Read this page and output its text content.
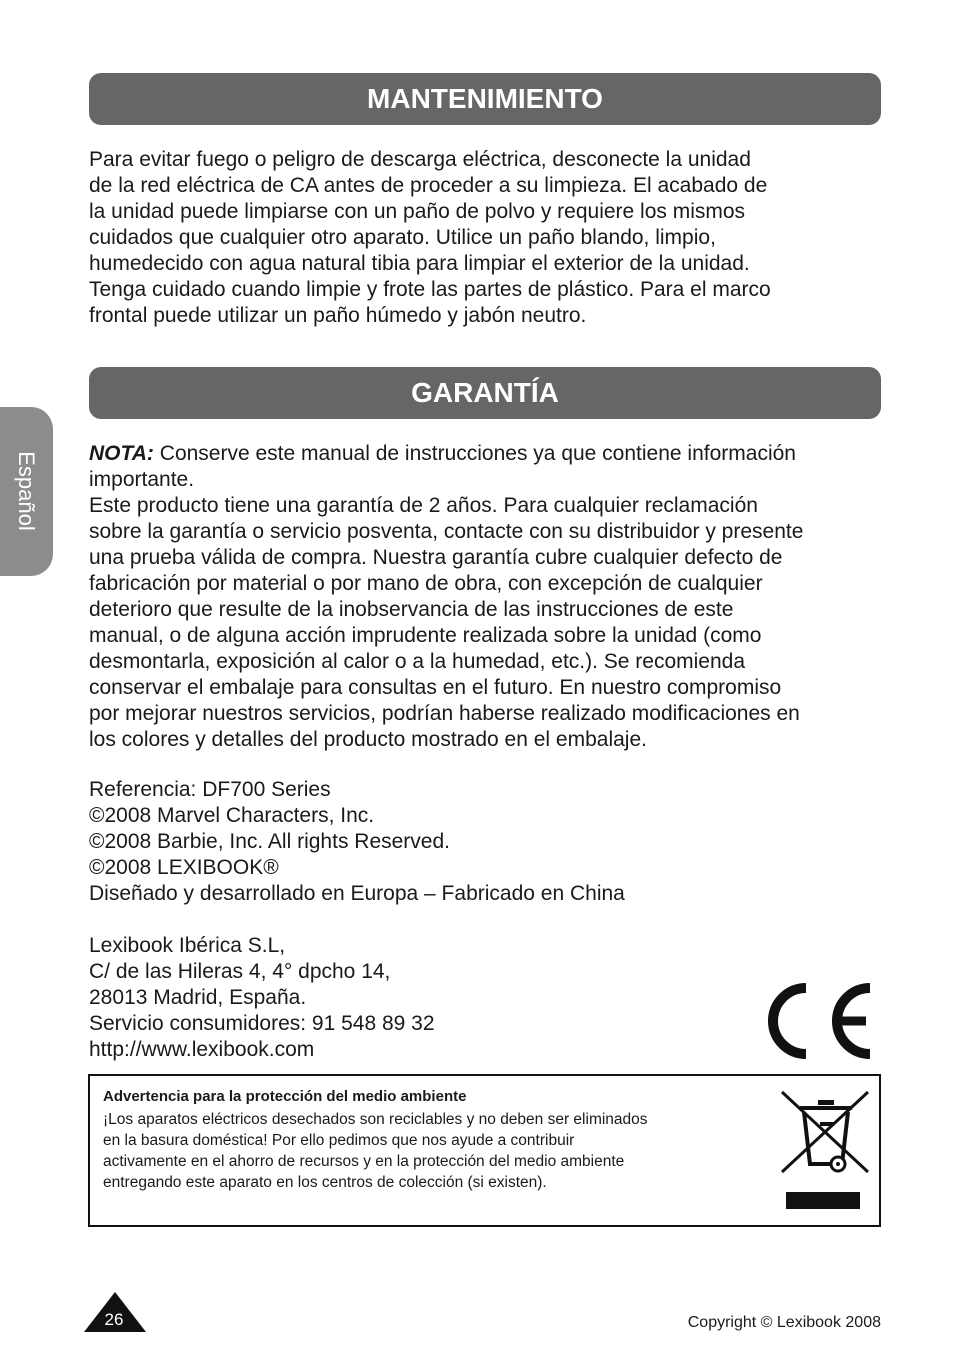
Español
MANTENIMIENTO

Para evitar fuego o peligro de descarga eléctrica, desconecte la unidad
de la red eléctrica de CA antes de proceder a su limpieza. El acabado de
la unidad puede limpiarse con un paño de polvo y requiere los mismos
cuidados que cualquier otro aparato. Utilice un paño blando, limpio,
humedecido con agua natural tibia para limpiar el exterior de la unidad.
Tenga cuidado cuando limpie y frote las partes de plástico. Para el marco
frontal puede utilizar un paño húmedo y jabón neutro.

GARANTÍA

NOTA: Conserve este manual de instrucciones ya que contiene información
importante.
Este producto tiene una garantía de 2 años. Para cualquier reclamación
sobre la garantía o servicio posventa, contacte con su distribuidor y presente
una prueba válida de compra. Nuestra garantía cubre cualquier defecto de
fabricación por material o por mano de obra, con excepción de cualquier
deterioro que resulte de la inobservancia de las instrucciones de este
manual, o de alguna acción imprudente realizada sobre la unidad (como
desmontarla, exposición al calor o a la humedad, etc.). Se recomienda
conservar el embalaje para consultas en el futuro. En nuestro compromiso
por mejorar nuestros servicios, podrían haberse realizado modificaciones en
los colores y detalles del producto mostrado en el embalaje.

Referencia: DF700 Series
©2008 Marvel Characters, Inc.
©2008 Barbie, Inc. All rights Reserved.
©2008 LEXIBOOK®
Diseñado y desarrollado en Europa – Fabricado en China

Lexibook Ibérica S.L,
C/ de las Hileras 4, 4° dpcho 14,
28013 Madrid, España.
Servicio consumidores: 91 548 89 32
http://www.lexibook.com

Advertencia para la protección del medio ambiente
¡Los aparatos eléctricos desechados son reciclables y no deben ser eliminados
en la basura doméstica! Por ello pedimos que nos ayude a contribuir
activamente en el ahorro de recursos y en la protección del medio ambiente
entregando este aparato en los centros de colección (si existen).
26	Copyright © Lexibook 2008
